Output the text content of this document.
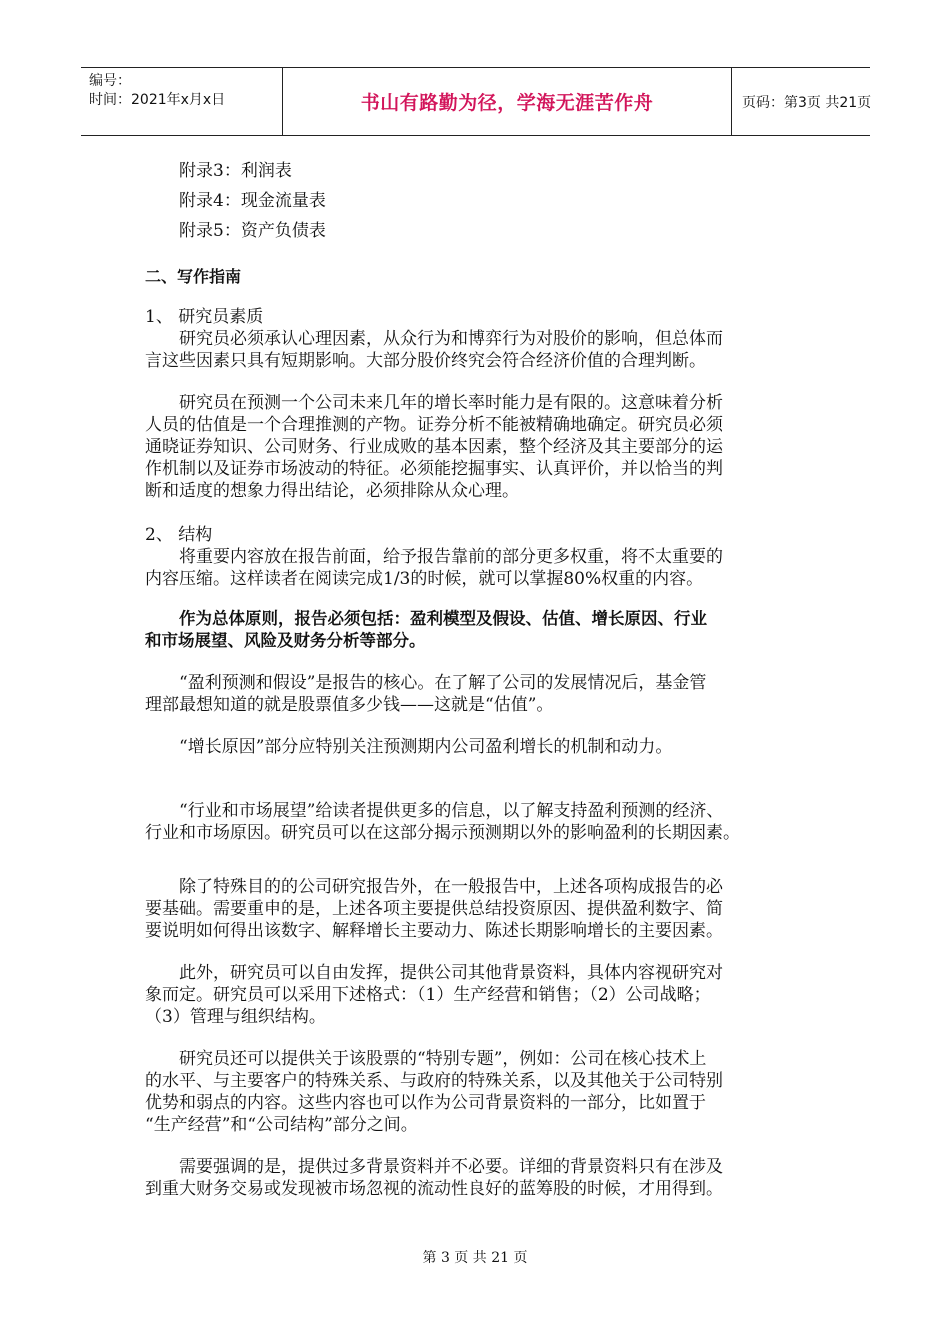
编号：
时间：2021年x月x日	书山有路勤为径，学海无涯苦作舟	页码：第3页 共21页
附录3：利润表
附录4：现金流量表
附录5：资产负债表
二、写作指南
1、 研究员素质
研究员必须承认心理因素，从众行为和博弈行为对股价的影响，但总体而
言这些因素只具有短期影响。大部分股价终究会符合经济价值的合理判断。
研究员在预测一个公司未来几年的增长率时能力是有限的。这意味着分析
人员的估值是一个合理推测的产物。证券分析不能被精确地确定。研究员必须
通晓证券知识、公司财务、行业成败的基本因素，整个经济及其主要部分的运
作机制以及证券市场波动的特征。必须能挖掘事实、认真评价，并以恰当的判
断和适度的想象力得出结论，必须排除从众心理。
2、 结构
将重要内容放在报告前面，给予报告靠前的部分更多权重，将不太重要的
内容压缩。这样读者在阅读完成1/3的时候，就可以掌握80%权重的内容。
作为总体原则，报告必须包括：盈利模型及假设、估值、增长原因、行业
和市场展望、风险及财务分析等部分。
“盈利预测和假设”是报告的核心。在了解了公司的发展情况后，基金管
理部最想知道的就是股票值多少钱——这就是“估值”。
“增长原因”部分应特别关注预测期内公司盈利增长的机制和动力。
“行业和市场展望”给读者提供更多的信息，以了解支持盈利预测的经济、
行业和市场原因。研究员可以在这部分揭示预测期以外的影响盈利的长期因素。
除了特殊目的的公司研究报告外，在一般报告中，上述各项构成报告的必
要基础。需要重申的是，上述各项主要提供总结投资原因、提供盈利数字、简
要说明如何得出该数字、解释增长主要动力、陈述长期影响增长的主要因素。
此外，研究员可以自由发挥，提供公司其他背景资料，具体内容视研究对
象而定。研究员可以采用下述格式：（1）生产经营和销售；（2）公司战略；
（3）管理与组织结构。
研究员还可以提供关于该股票的“特别专题”，例如：公司在核心技术上
的水平、与主要客户的特殊关系、与政府的特殊关系，以及其他关于公司特别
优势和弱点的内容。这些内容也可以作为公司背景资料的一部分，比如置于
“生产经营”和“公司结构”部分之间。
需要强调的是，提供过多背景资料并不必要。详细的背景资料只有在涉及
到重大财务交易或发现被市场忽视的流动性良好的蓝筹股的时候，才用得到。
第 3 页 共 21 页
